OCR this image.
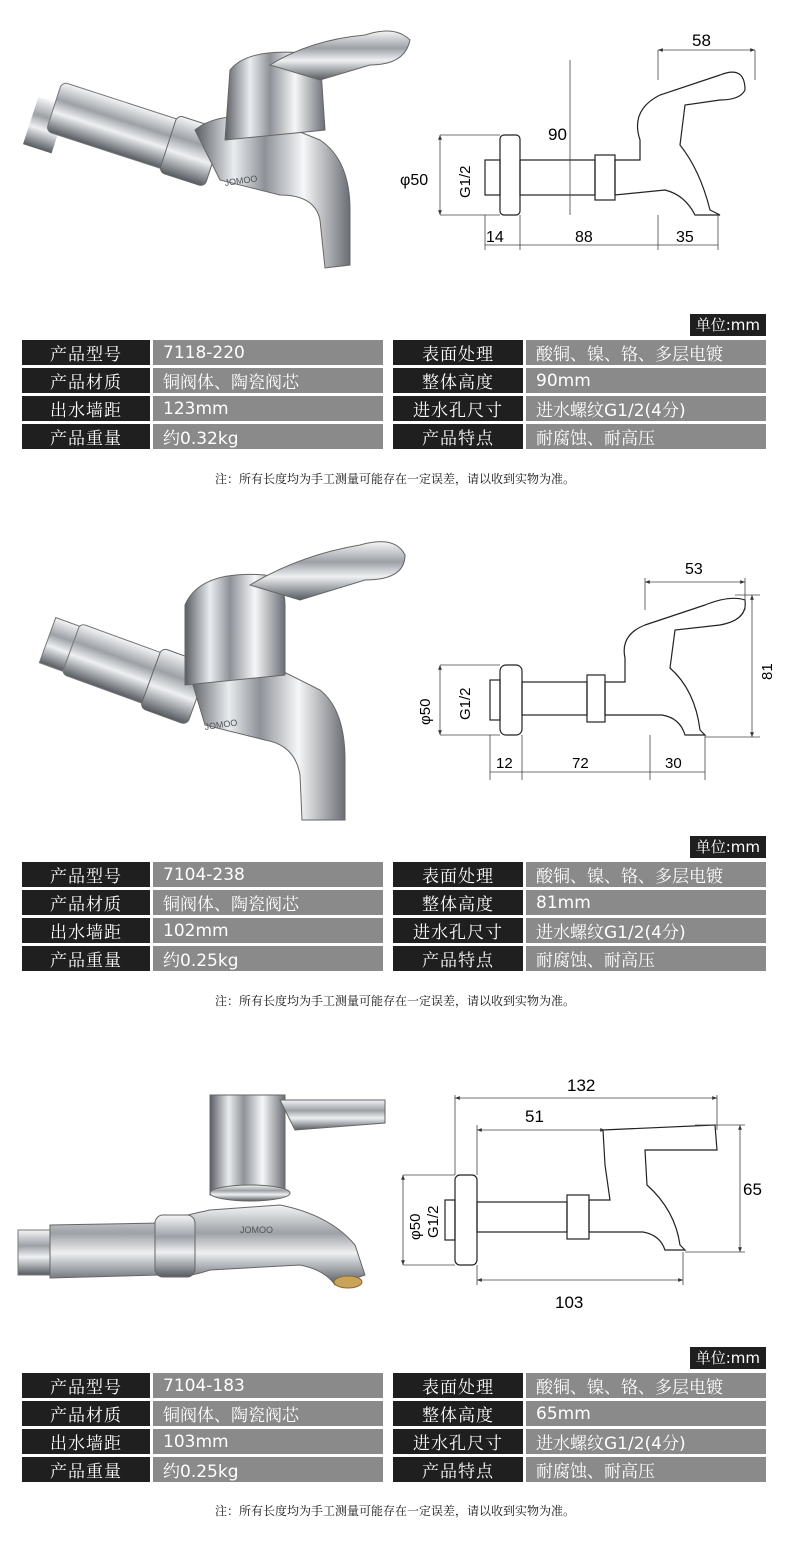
JOMOO
58
90
φ50 G1/2
14	88	35
单位:mm
产品型号	7118-220		表面处理	酸铜、镍、铬、多层电镀
产品材质	铜阀体、陶瓷阀芯		整体高度	90mm
出水墙距	123mm		进水孔尺寸	进水螺纹G1/2(4分)
产品重量	约0.32kg		产品特点	耐腐蚀、耐高压
注：所有长度均为手工测量可能存在一定误差，请以收到实物为准。
JOMOO
53
81
φ50 G1/2
12	72	30
单位:mm
产品型号	7104-238		表面处理	酸铜、镍、铬、多层电镀
产品材质	铜阀体、陶瓷阀芯		整体高度	81mm
出水墙距	102mm		进水孔尺寸	进水螺纹G1/2(4分)
产品重量	约0.25kg		产品特点	耐腐蚀、耐高压
注：所有长度均为手工测量可能存在一定误差，请以收到实物为准。
JOMOO
132
51
65
φ50 G1/2
103
单位:mm
产品型号	7104-183		表面处理	酸铜、镍、铬、多层电镀
产品材质	铜阀体、陶瓷阀芯		整体高度	65mm
出水墙距	103mm		进水孔尺寸	进水螺纹G1/2(4分)
产品重量	约0.25kg		产品特点	耐腐蚀、耐高压
注：所有长度均为手工测量可能存在一定误差，请以收到实物为准。
